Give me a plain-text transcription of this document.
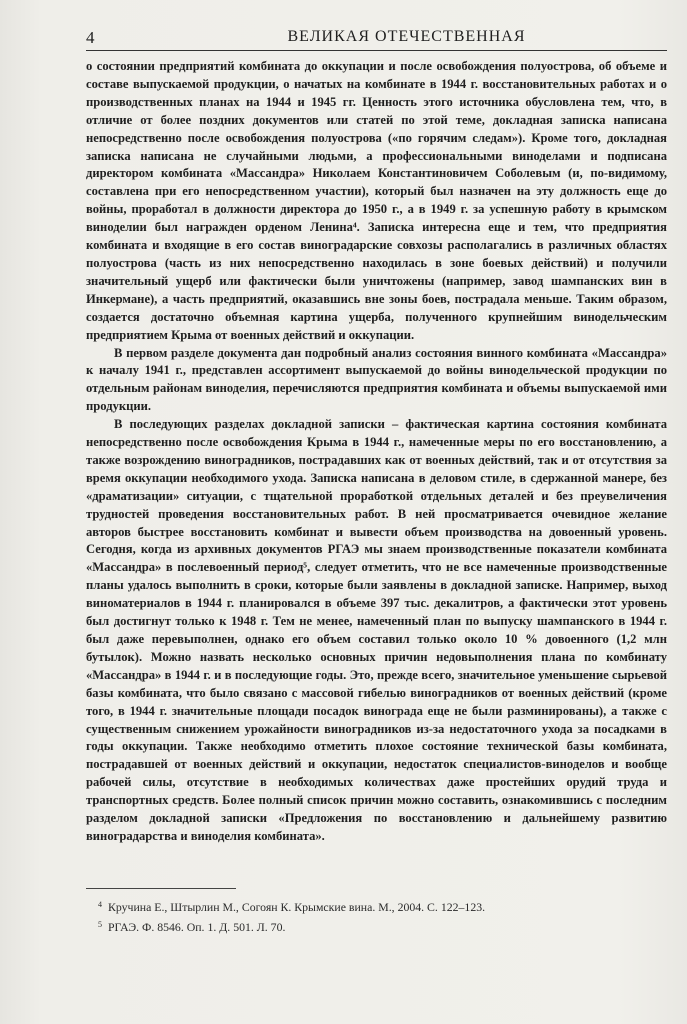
4	ВЕЛИКАЯ ОТЕЧЕСТВЕННАЯ

о состоянии предприятий комбината до оккупации и после освобождения полуострова, об объеме и составе выпускаемой продукции, о начатых на комбинате в 1944 г. восстановительных работах и о производственных планах на 1944 и 1945 гг. Ценность этого источника обусловлена тем, что, в отличие от более поздних документов или статей по этой теме, докладная записка написана непосредственно после освобождения полуострова («по горячим следам»). Кроме того, докладная записка написана не случайными людьми, а профессиональными виноделами и подписана директором комбината «Массандра» Николаем Константиновичем Соболевым (и, по-видимому, составлена при его непосредственном участии), который был назначен на эту должность еще до войны, проработал в должности директора до 1950 г., а в 1949 г. за успешную работу в крымском виноделии был награжден орденом Ленина⁴. Записка интересна еще и тем, что предприятия комбината и входящие в его состав виноградарские совхозы располагались в различных областях полуострова (часть из них непосредственно находилась в зоне боевых действий) и получили значительный ущерб или фактически были уничтожены (например, завод шампанских вин в Инкермане), а часть предприятий, оказавшись вне зоны боев, пострадала меньше. Таким образом, создается достаточно объемная картина ущерба, полученного крупнейшим винодельческим предприятием Крыма от военных действий и оккупации.

В первом разделе документа дан подробный анализ состояния винного комбината «Массандра» к началу 1941 г., представлен ассортимент выпускаемой до войны винодельческой продукции по отдельным районам виноделия, перечисляются предприятия комбината и объемы выпускаемой ими продукции.

В последующих разделах докладной записки – фактическая картина состояния комбината непосредственно после освобождения Крыма в 1944 г., намеченные меры по его восстановлению, а также возрождению виноградников, пострадавших как от военных действий, так и от отсутствия за время оккупации необходимого ухода. Записка написана в деловом стиле, в сдержанной манере, без «драматизации» ситуации, с тщательной проработкой отдельных деталей и без преувеличения трудностей проведения восстановительных работ. В ней просматривается очевидное желание авторов быстрее восстановить комбинат и вывести объем производства на довоенный уровень. Сегодня, когда из архивных документов РГАЭ мы знаем производственные показатели комбината «Массандра» в послевоенный период⁵, следует отметить, что не все намеченные производственные планы удалось выполнить в сроки, которые были заявлены в докладной записке. Например, выход виноматериалов в 1944 г. планировался в объеме 397 тыс. декалитров, а фактически этот уровень был достигнут только к 1948 г. Тем не менее, намеченный план по выпуску шампанского в 1944 г. был даже перевыполнен, однако его объем составил только около 10 % довоенного (1,2 млн бутылок). Можно назвать несколько основных причин недовыполнения плана по комбинату «Массандра» в 1944 г. и в последующие годы. Это, прежде всего, значительное уменьшение сырьевой базы комбината, что было связано с массовой гибелью виноградников от военных действий (кроме того, в 1944 г. значительные площади посадок винограда еще не были разминированы), а также с существенным снижением урожайности виноградников из-за недостаточного ухода за посадками в годы оккупации. Также необходимо отметить плохое состояние технической базы комбината, пострадавшей от военных действий и оккупации, недостаток специалистов-виноделов и вообще рабочей силы, отсутствие в необходимых количествах даже простейших орудий труда и транспортных средств. Более полный список причин можно составить, ознакомившись с последним разделом докладной записки «Предложения по восстановлению и дальнейшему развитию виноградарства и виноделия комбината».

4 Кручина Е., Штырлин М., Согоян К. Крымские вина. М., 2004. С. 122–123.
5 РГАЭ. Ф. 8546. Оп. 1. Д. 501. Л. 70.
